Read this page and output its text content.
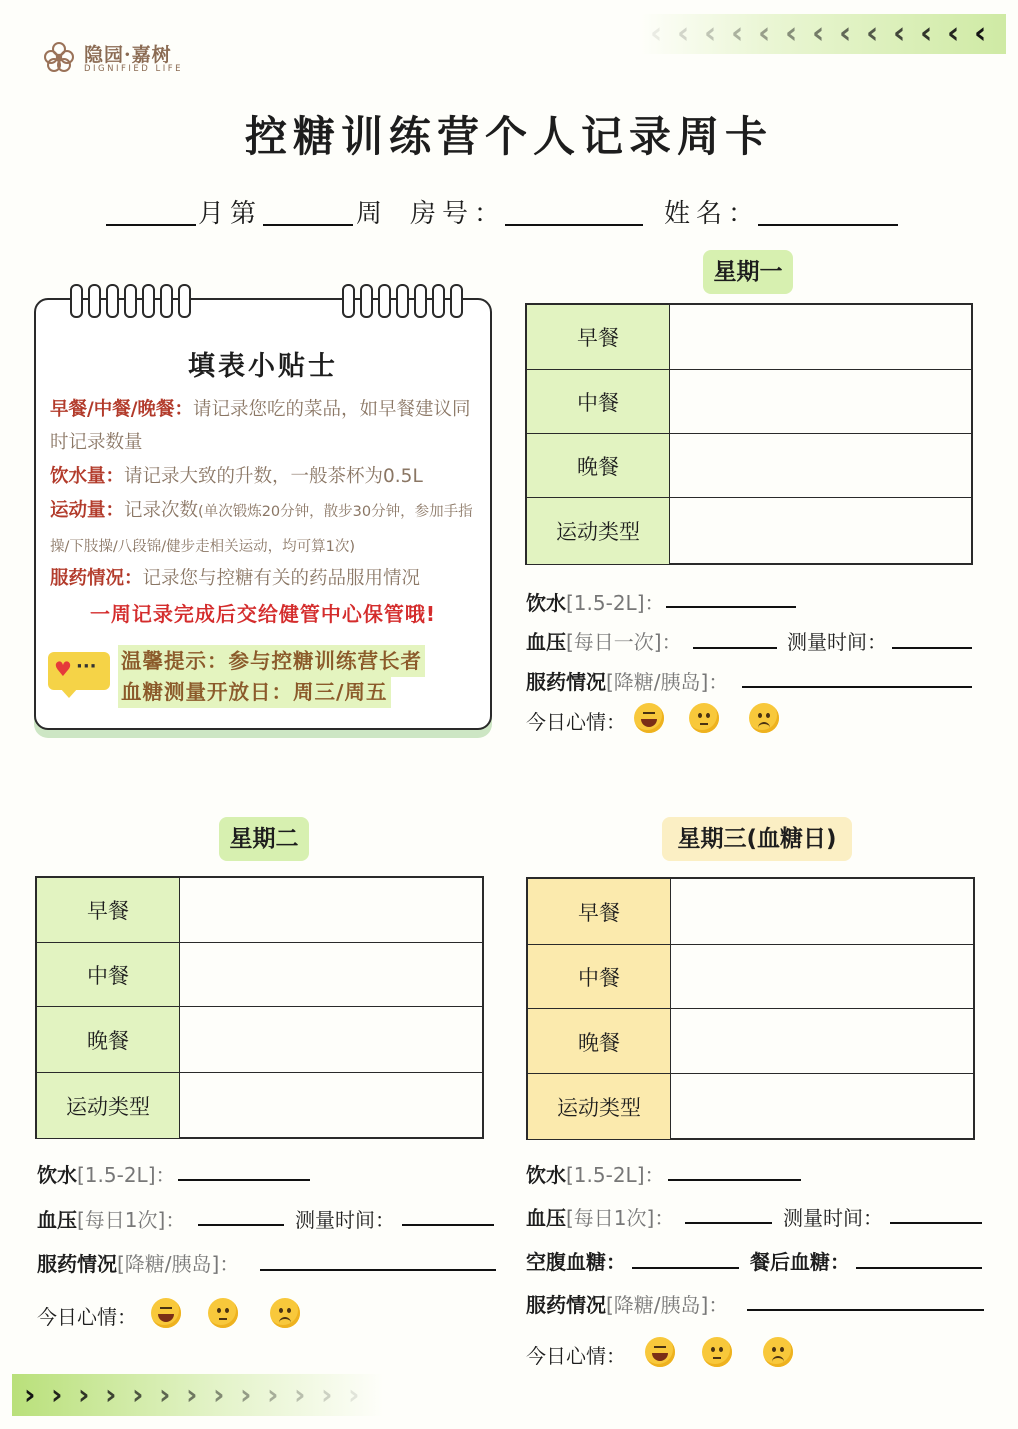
‹ ‹ ‹ ‹ ‹ ‹ ‹ ‹ ‹ ‹ ‹ ‹ ‹
› › › › › › › › › › › › ›
隐园·嘉树
DIGNIFIED LIFE
控糖训练营个人记录周卡
月 第	周 房号：	姓名：
填表小贴士
早餐/中餐/晚餐：请记录您吃的菜品，如早餐建议同时记录数量
饮水量：请记录大致的升数，一般茶杯为0.5L
运动量：记录次数(单次锻炼20分钟，散步30分钟，参加手指操/下肢操/八段锦/健步走相关运动，均可算1次)
服药情况：记录您与控糖有关的药品服用情况
一周记录完成后交给健管中心保管哦!
♥ ··· 温馨提示：参与控糖训练营长者
血糖测量开放日：周三/周五
星期一
早餐
中餐
晚餐
运动类型
饮水[1.5-2L]：
血压[每日一次]：	测量时间：
服药情况[降糖/胰岛]：
今日心情：
星期二
早餐
中餐
晚餐
运动类型
饮水[1.5-2L]：
血压[每日1次]：	测量时间：
服药情况[降糖/胰岛]：
今日心情：
星期三(血糖日)
早餐
中餐
晚餐
运动类型
饮水[1.5-2L]：
血压[每日1次]：	测量时间：
空腹血糖：	餐后血糖：
服药情况[降糖/胰岛]：
今日心情：
